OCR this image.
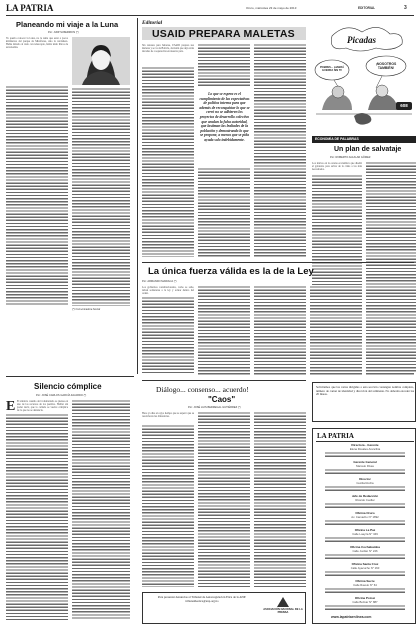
LA PATRIA	Oruro, miércoles 23 de mayo de 2013	EDITORIAL	3
Planeando mi viaje a la Luna
Por: JUDITH BERRIOS (*)
Yo quería conocer la Luna, no la tenía que estar a pocos kilómetros del parque de Miraflores, sino la verdadera. Había mirado al cielo con telescopio, había leído libros de astronomía.
(*) Comunicadora Social
Silencio cómplice
Por: JOSÉ CARLOS GARCÍA FAJARDO (*)
E El silencio cuando del voluntariado se piensa en uno de los recursos de los pueblos. Hablar sin poder decir, que lo callado se vuelve cómplice de lo que no se denuncia.
Editorial
USAID PREPARA MALETAS
Sin razones para haberse, USAID prepara sus maletas y se va de Bolivia, decisión que deja atrás décadas de cooperación en nuestro país.
Lo que se espera es el cumplimiento de las expectativas de política interna para que además de reconquistar lo que se cerró no se adhieren los proyectos de desarrollo colectivo que anulan la falsa autoridad, que lastiman las lealtades de la población y demostrando lo que se propone, a menos que se pida ayuda solo indebidamente.
Picadas
POBRES... ¡HABRÁ GUERRA SIN TI!
¡NOSOTROS TAMBIÉN!
608
ECONOMÍA DE PALABRAS
Un plan de salvataje
Por: ROBERTO AGUILAR GÓMEZ
Los inicios en la escena económica que diseñó el gobierno para salvar de la crisis a los más necesitados.
La única fuerza válida es la de la Ley
Por: ARMANDO MARIACA (*)
Los gobiernos constitucionales, como se sabe, deben someterse a la ley y actuar dentro del orden.
Diálogo... consenso... acuerdo!
"Caos"
Por: JOSÉ LUIS BEDREGAL GUTIÉRREZ (*)
Hace ya días en cuyo tiempo que se esperó que se resolvieran las diferencias.
Para presentar denuncias al Tribunal de Autorregulación Ética de la ANP: tribunaldeetica@anp.org.bo
ASOCIACIÓN NACIONAL DE LA PRENSA
Solicitamos que las cartas dirigidas a esta sección contengan nombre completo, número de carnet de identidad y dirección del remitente. No deberán exceder las 20 líneas.
LA PATRIA
Directora - Gerente
Elena Rosales Arancibia
Gerente General
Marcelo Rivas
Director
Cecilia Rocha
Jefe de Redacción
Ricardo Cuéllar
Oficina Oruro
Av. Camacho N° 1892
Oficina La Paz
Calle Loayza N° 349
Oficina Cochabamba
Calle Jordán N° 246
Oficina Santa Cruz
Calle Ayacucho N° 160
Oficina Sucre
Calle Ravelo N° 64
Oficina Potosí
Calle Bolívar N° 887
www.lapatriaenlinea.com
